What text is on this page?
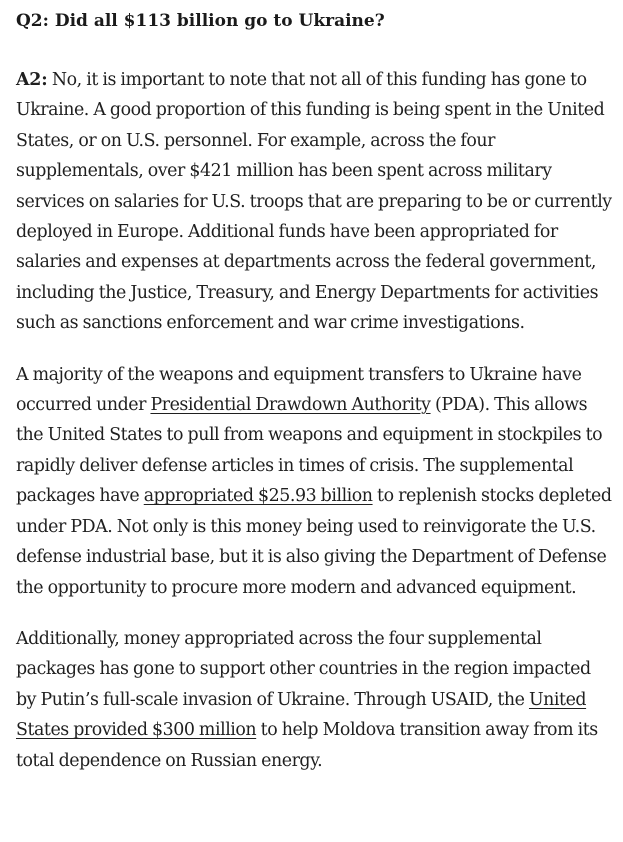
Q2: Did all $113 billion go to Ukraine?

A2: No, it is important to note that not all of this funding has gone to Ukraine. A good proportion of this funding is being spent in the United States, or on U.S. personnel. For example, across the four supplementals, over $421 million has been spent across military services on salaries for U.S. troops that are preparing to be or currently deployed in Europe. Additional funds have been appropriated for salaries and expenses at departments across the federal government, including the Justice, Treasury, and Energy Departments for activities such as sanctions enforcement and war crime investigations.

A majority of the weapons and equipment transfers to Ukraine have occurred under Presidential Drawdown Authority (PDA). This allows the United States to pull from weapons and equipment in stockpiles to rapidly deliver defense articles in times of crisis. The supplemental packages have appropriated $25.93 billion to replenish stocks depleted under PDA. Not only is this money being used to reinvigorate the U.S. defense industrial base, but it is also giving the Department of Defense the opportunity to procure more modern and advanced equipment.

Additionally, money appropriated across the four supplemental packages has gone to support other countries in the region impacted by Putin’s full-scale invasion of Ukraine. Through USAID, the United States provided $300 million to help Moldova transition away from its total dependence on Russian energy.
